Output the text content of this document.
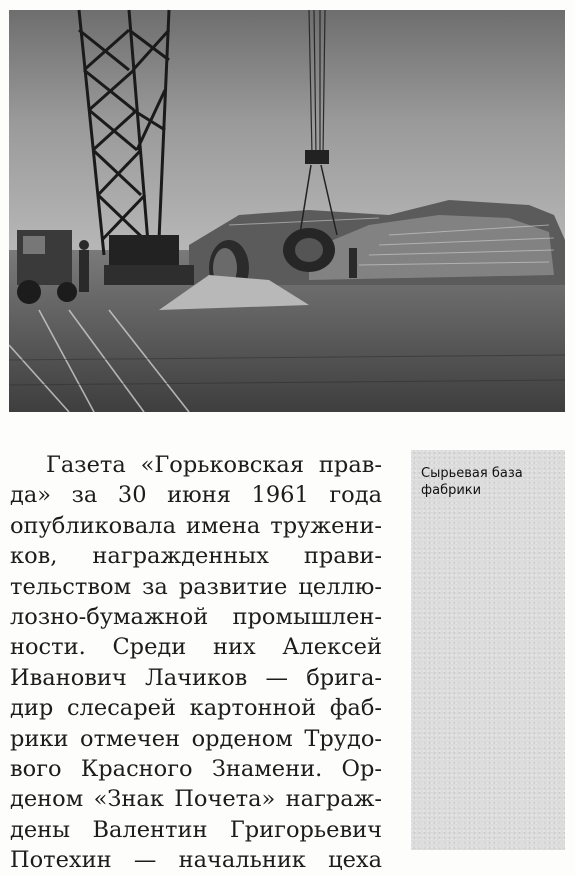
Газета «Горьковская прав-
да» за 30 июня 1961 года
опубликовала имена тружени-
ков, награжденных прави-
тельством за развитие целлю-
лозно-бумажной промышлен-
ности. Среди них Алексей
Иванович Лачиков — брига-
дир слесарей картонной фаб-
рики отмечен орденом Трудо-
вого Красного Знамени. Ор-
деном «Знак Почета» награж-
дены Валентин Григорьевич
Потехин — начальник цеха
Сырьевая база
фабрики
